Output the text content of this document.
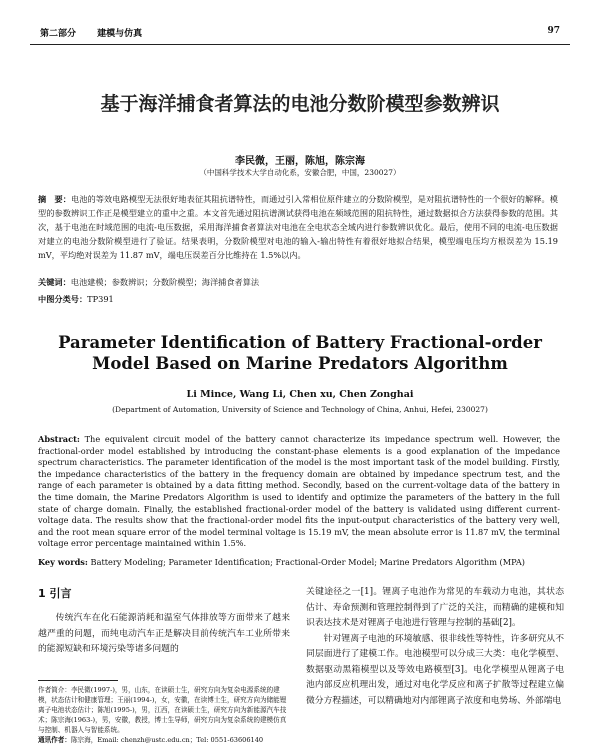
第二部分 建模与仿真	97
基于海洋捕食者算法的电池分数阶模型参数辨识
李民微，王丽，陈旭，陈宗海
（中国科学技术大学自动化系，安徽合肥，中国，230027）
摘　要：电池的等效电路模型无法很好地表征其阻抗谱特性，而通过引入常相位原件建立的分数阶模型，是对阻抗谱特性的一个很好的解释。模型的参数辨识工作正是模型建立的重中之重。本文首先通过阻抗谱测试获得电池在频域范围的阻抗特性，通过数据拟合方法获得参数的范围。其次，基于电池在时域范围的电流-电压数据，采用海洋捕食者算法对电池在全电状态全域内进行参数辨识优化。最后，使用不同的电流-电压数据对建立的电池分数阶模型进行了验证。结果表明，分数阶模型对电池的输入-输出特性有着很好地拟合结果，模型端电压均方根误差为 15.19 mV，平均绝对误差为 11.87 mV，端电压误差百分比维持在 1.5%以内。
关键词：电池建模；参数辨识；分数阶模型；海洋捕食者算法
中图分类号：TP391
Parameter Identification of Battery Fractional-order Model Based on Marine Predators Algorithm
Li Mince, Wang Li, Chen xu, Chen Zonghai
(Department of Automation, University of Science and Technology of China, Anhui, Hefei, 230027)
Abstract: The equivalent circuit model of the battery cannot characterize its impedance spectrum well. However, the fractional-order model established by introducing the constant-phase elements is a good explanation of the impedance spectrum characteristics. The parameter identification of the model is the most important task of the model building. Firstly, the impedance characteristics of the battery in the frequency domain are obtained by impedance spectrum test, and the range of each parameter is obtained by a data fitting method. Secondly, based on the current-voltage data of the battery in the time domain, the Marine Predators Algorithm is used to identify and optimize the parameters of the battery in the full state of charge domain. Finally, the established fractional-order model of the battery is validated using different current-voltage data. The results show that the fractional-order model fits the input-output characteristics of the battery very well, and the root mean square error of the model terminal voltage is 15.19 mV, the mean absolute error is 11.87 mV, the terminal voltage error percentage maintained within 1.5%.
Key words: Battery Modeling; Parameter Identification; Fractional-Order Model; Marine Predators Algorithm (MPA)
1 引言

传统汽车在化石能源消耗和温室气体排放等方面带来了越来越严重的问题，而纯电动汽车正是解决目前传统汽车工业所带来的能源短缺和环境污染等诸多问题的

作者简介：李民微(1997-)，男，山东，在读硕士生，研究方向为复杂电源系统的建模，状态估计和健康管理；王丽(1994-)，女，安徽，在读博士生，研究方向为储能锂离子电池状态估计；陈旭(1995-)，男，江西，在读硕士生，研究方向为新能源汽车技术；陈宗海(1963-)，男，安徽，教授，博士生导师，研究方向为复杂系统的建模仿真与控制、机器人与智能系统。

通讯作者：陈宗海，Email: chenzh@ustc.edu.cn；Tel: 0551-63606140

关键途径之一[1]。锂离子电池作为常见的车载动力电池，其状态估计、寿命预测和管理控制得到了广泛的关注，而精确的建模和知识表达技术是对锂离子电池进行管理与控制的基础[2]。

针对锂离子电池的环境敏感、很非线性等特性，许多研究从不同层面进行了建模工作。电池模型可以分成三大类：电化学模型、数据驱动黑箱模型以及等效电路模型[3]。电化学模型从锂离子电池内部反应机理出发，通过对电化学反应和离子扩散等过程建立偏微分方程描述，可以精确地对内部锂离子浓度和电势场、外部端电
